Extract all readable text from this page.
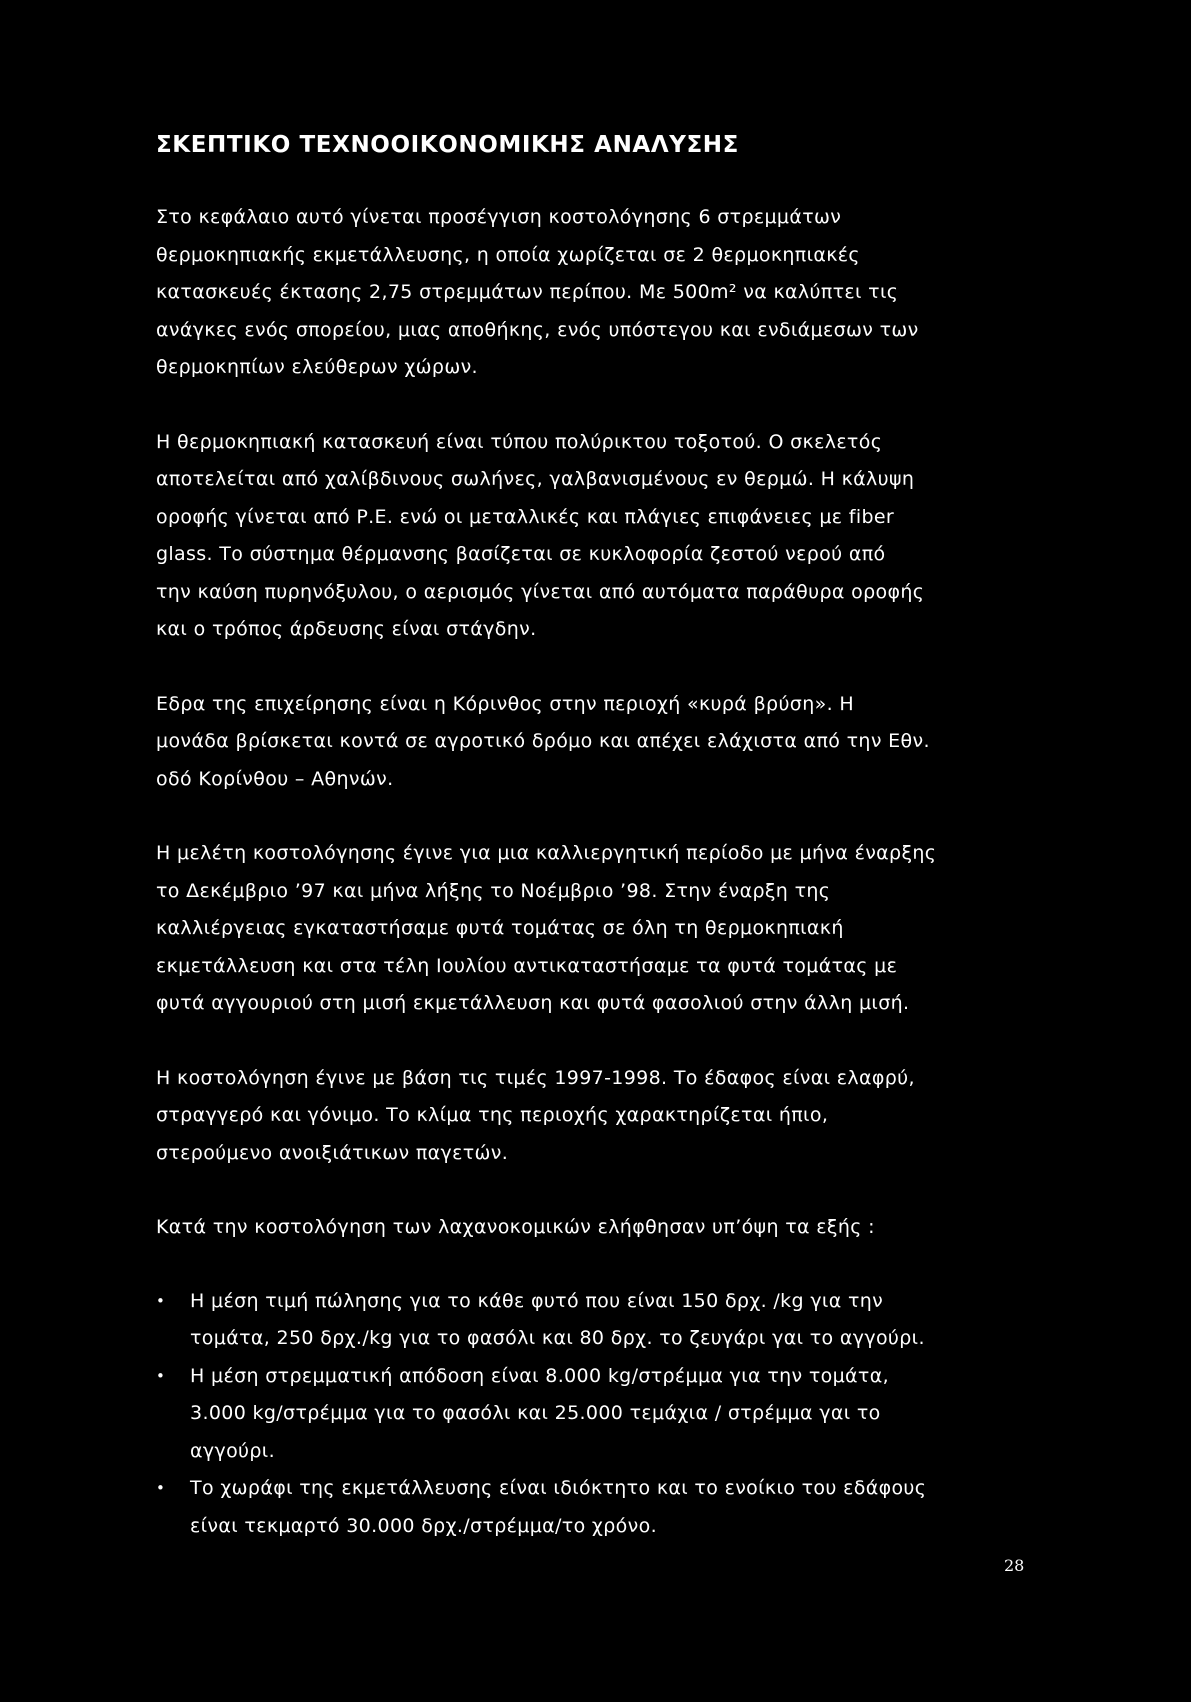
ΣΚΕΠΤΙΚΟ ΤΕΧΝΟΟΙΚΟΝΟΜΙΚΗΣ ΑΝΑΛΥΣΗΣ

Στο κεφάλαιο αυτό γίνεται προσέγγιση κοστολόγησης 6 στρεμμάτων
θερμοκηπιακής εκμετάλλευσης, η οποία χωρίζεται σε 2 θερμοκηπιακές
κατασκευές έκτασης 2,75 στρεμμάτων περίπου. Με 500m² να καλύπτει τις
ανάγκες ενός σπορείου, μιας αποθήκης, ενός υπόστεγου και ενδιάμεσων των
θερμοκηπίων ελεύθερων χώρων.

Η θερμοκηπιακή κατασκευή είναι τύπου πολύρικτου τοξοτού. Ο σκελετός
αποτελείται από χαλίβδινους σωλήνες, γαλβανισμένους εν θερμώ. Η κάλυψη
οροφής γίνεται από Ρ.Ε. ενώ οι μεταλλικές και πλάγιες επιφάνειες με fiber
glass. Το σύστημα θέρμανσης βασίζεται σε κυκλοφορία ζεστού νερού από
την καύση πυρηνόξυλου, ο αερισμός γίνεται από αυτόματα παράθυρα οροφής
και ο τρόπος άρδευσης είναι στάγδην.

Εδρα της επιχείρησης είναι η Κόρινθος στην περιοχή «κυρά βρύση». Η
μονάδα βρίσκεται κοντά σε αγροτικό δρόμο και απέχει ελάχιστα από την Εθν.
οδό Κορίνθου – Αθηνών.

Η μελέτη κοστολόγησης έγινε για μια καλλιεργητική περίοδο με μήνα έναρξης
το Δεκέμβριο ’97 και μήνα λήξης το Νοέμβριο ’98. Στην έναρξη της
καλλιέργειας εγκαταστήσαμε φυτά τομάτας σε όλη τη θερμοκηπιακή
εκμετάλλευση και στα τέλη Ιουλίου αντικαταστήσαμε τα φυτά τομάτας με
φυτά αγγουριού στη μισή εκμετάλλευση και φυτά φασολιού στην άλλη μισή.

Η κοστολόγηση έγινε με βάση τις τιμές 1997-1998. Το έδαφος είναι ελαφρύ,
στραγγερό και γόνιμο. Το κλίμα της περιοχής χαρακτηρίζεται ήπιο,
στερούμενο ανοιξιάτικων παγετών.

Κατά την κοστολόγηση των λαχανοκομικών ελήφθησαν υπ’όψη τα εξής :

•	Η μέση τιμή πώλησης για το κάθε φυτό που είναι 150 δρχ. /kg για την
τομάτα, 250 δρχ./kg για το φασόλι και 80 δρχ. το ζευγάρι γαι το αγγούρι.
•	Η μέση στρεμματική απόδοση είναι 8.000 kg/στρέμμα για την τομάτα,
3.000 kg/στρέμμα για το φασόλι και 25.000 τεμάχια / στρέμμα γαι το
αγγούρι.
•	Το χωράφι της εκμετάλλευσης είναι ιδιόκτητο και το ενοίκιο του εδάφους
είναι τεκμαρτό 30.000 δρχ./στρέμμα/το χρόνο.

28
